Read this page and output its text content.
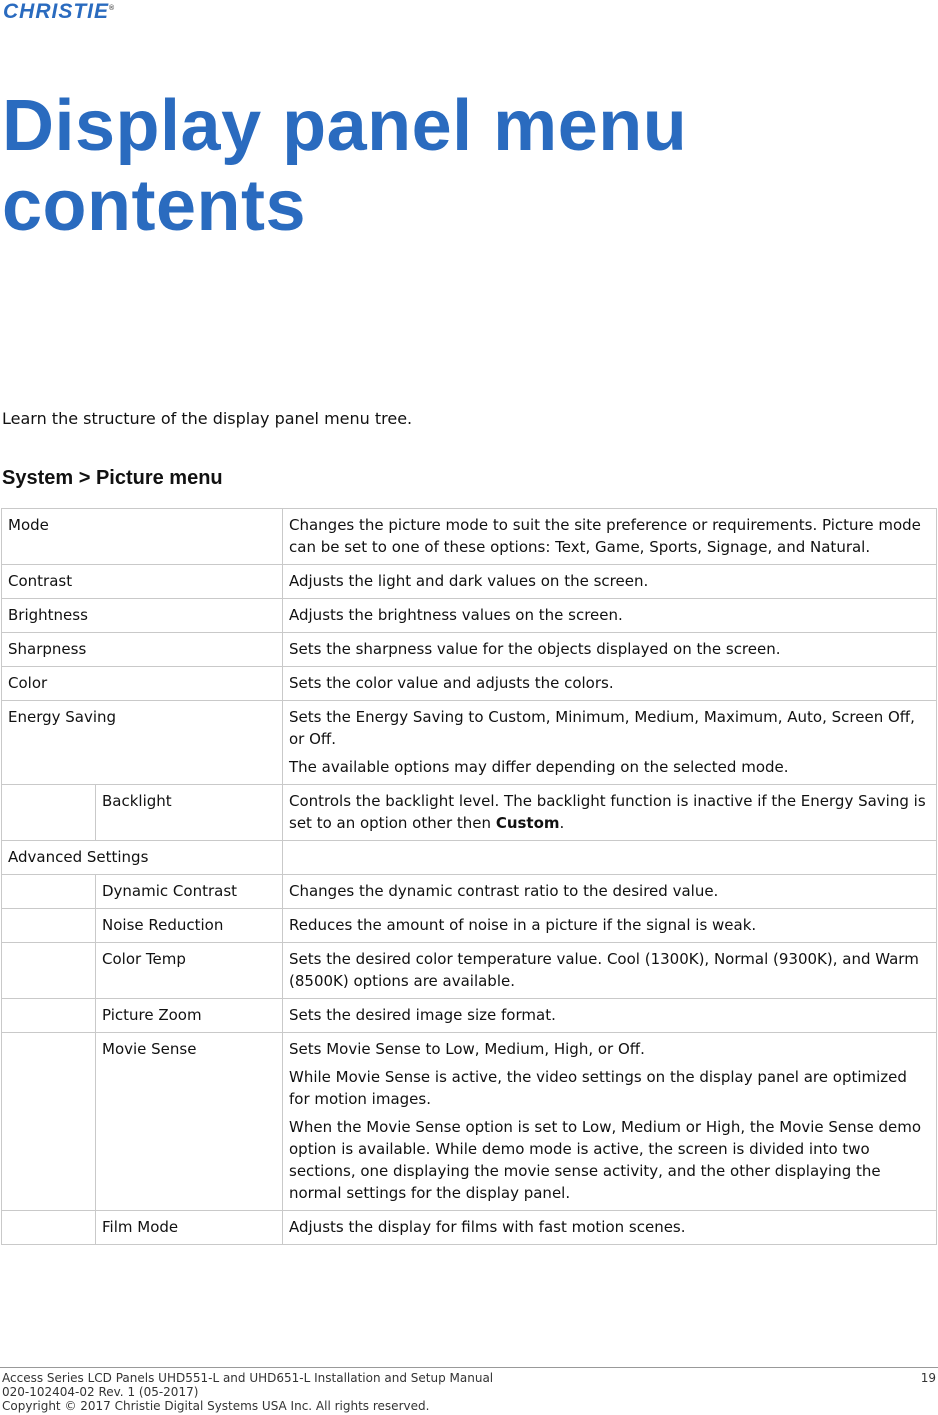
CHRISTIE®
Display panel menu
contents
Learn the structure of the display panel menu tree.
System > Picture menu
Mode		Changes the picture mode to suit the site preference or requirements. Picture mode can be set to one of these options: Text, Game, Sports, Signage, and Natural.

Contrast		Adjusts the light and dark values on the screen.

Brightness		Adjusts the brightness values on the screen.

Sharpness		Sets the sharpness value for the objects displayed on the screen.

Color		Sets the color value and adjusts the colors.

Energy Saving		Sets the Energy Saving to Custom, Minimum, Medium, Maximum, Auto, Screen Off, or Off.

The available options may differ depending on the selected mode.

	Backlight	Controls the backlight level. The backlight function is inactive if the Energy Saving is set to an option other then Custom.

Advanced Settings		
	Dynamic Contrast	Changes the dynamic contrast ratio to the desired value.

	Noise Reduction	Reduces the amount of noise in a picture if the signal is weak.

	Color Temp	Sets the desired color temperature value. Cool (1300K), Normal (9300K), and Warm (8500K) options are available.

	Picture Zoom	Sets the desired image size format.

	Movie Sense	Sets Movie Sense to Low, Medium, High, or Off.

While Movie Sense is active, the video settings on the display panel are optimized for motion images.

When the Movie Sense option is set to Low, Medium or High, the Movie Sense demo option is available. While demo mode is active, the screen is divided into two sections, one displaying the movie sense activity, and the other displaying the normal settings for the display panel.

	Film Mode	Adjusts the display for films with fast motion scenes.

Access Series LCD Panels UHD551-L and UHD651-L Installation and Setup Manual
020-102404-02 Rev. 1 (05-2017)
Copyright © 2017 Christie Digital Systems USA Inc. All rights reserved.
19
